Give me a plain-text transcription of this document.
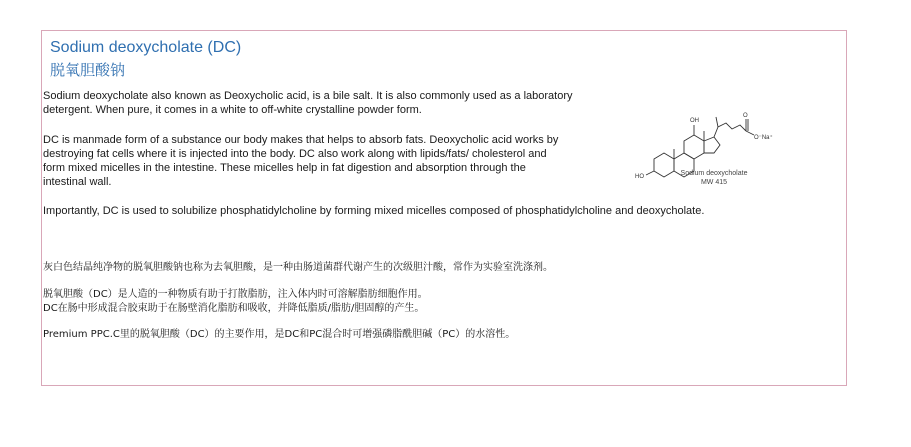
Sodium deoxycholate (DC)
脱氧胆酸钠
Sodium deoxycholate also known as Deoxycholic acid, is a bile salt. It is also commonly used as a laboratory detergent. When pure, it comes in a white to off-white crystalline powder form.
DC is manmade form of a substance our body makes that helps to absorb fats. Deoxycholic acid works by destroying fat cells where it is injected into the body. DC also work along with lipids/fats/ cholesterol and form mixed micelles in the intestine. These micelles help in fat digestion and absorption through the intestinal wall.
Importantly, DC is used to solubilize phosphatidylcholine by forming mixed micelles composed of phosphatidylcholine and deoxycholate.
灰白色结晶纯净物的脱氧胆酸钠也称为去氧胆酸，是一种由肠道菌群代谢产生的次级胆汁酸，常作为实验室洗涤剂。
脱氧胆酸（DC）是人造的一种物质有助于打散脂肪，注入体内时可溶解脂肪细胞作用。
DC在肠中形成混合胶束助于在肠壁消化脂肪和吸收，并降低脂质/脂肪/胆固醇的产生。
Premium PPC.C里的脱氧胆酸（DC）的主要作用，是DC和PC混合时可增强磷脂酰胆碱（PC）的水溶性。
OH
HO
O
O⁻Na⁺
Sodium deoxycholate
MW 415
